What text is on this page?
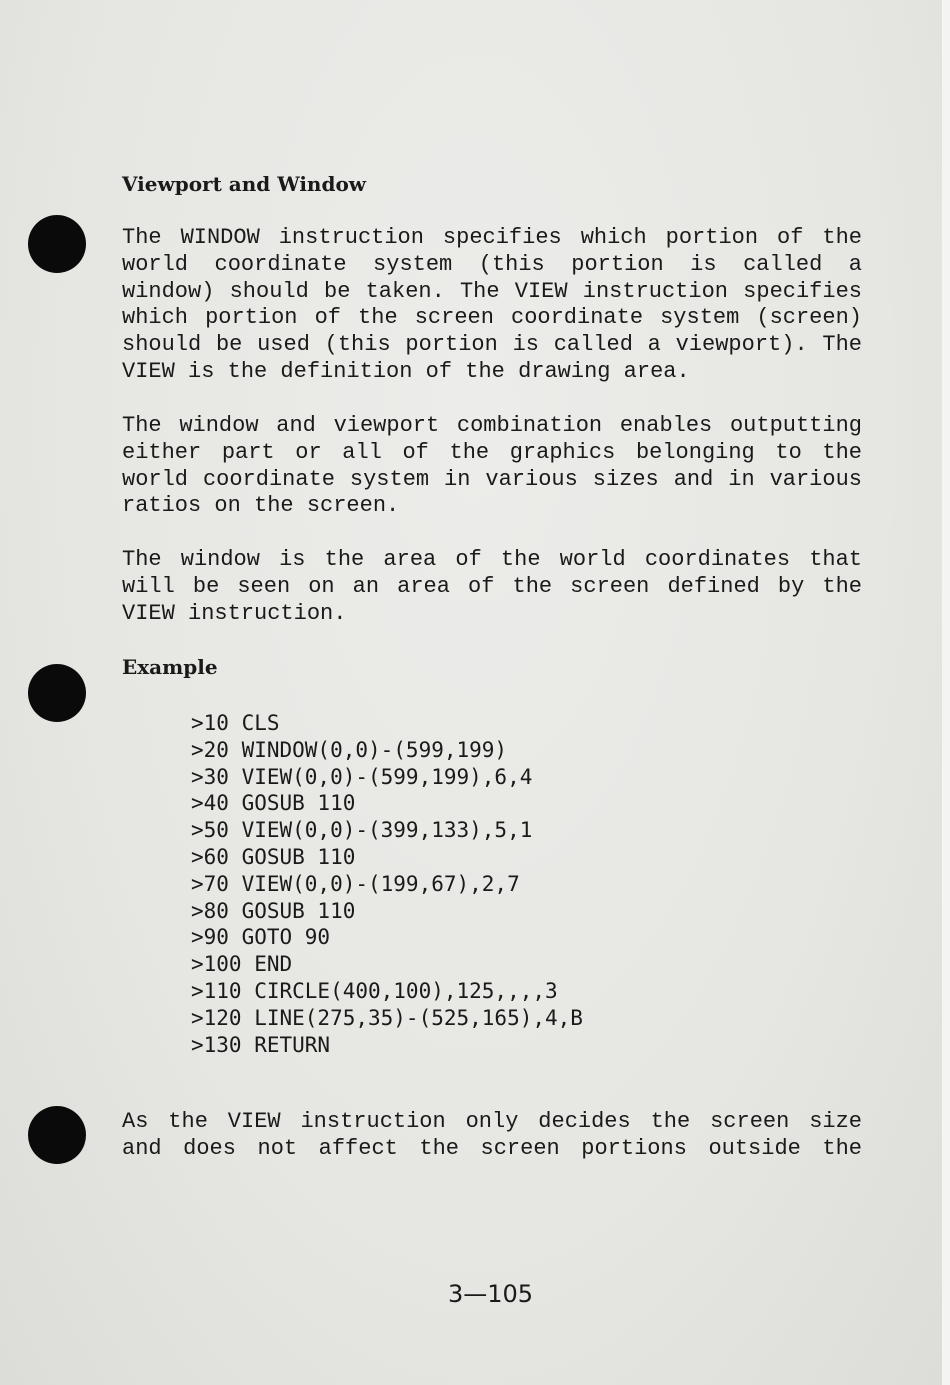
Viewport and Window
The WINDOW instruction specifies which portion of the
world coordinate system (this portion is called a
window) should be taken. The VIEW instruction specifies
which portion of the screen coordinate system (screen)
should be used (this portion is called a viewport). The
VIEW is the definition of the drawing area.
The window and viewport combination enables outputting
either part or all of the graphics belonging to the
world coordinate system in various sizes and in various
ratios on the screen.
The window is the area of the world coordinates that
will be seen on an area of the screen defined by the
VIEW instruction.
Example
>10 CLS
>20 WINDOW(0,0)-(599,199)
>30 VIEW(0,0)-(599,199),6,4
>40 GOSUB 110
>50 VIEW(0,0)-(399,133),5,1
>60 GOSUB 110
>70 VIEW(0,0)-(199,67),2,7
>80 GOSUB 110
>90 GOTO 90
>100 END
>110 CIRCLE(400,100),125,,,,3
>120 LINE(275,35)-(525,165),4,B
>130 RETURN
As the VIEW instruction only decides the screen size
and does not affect the screen portions outside the
3—105
